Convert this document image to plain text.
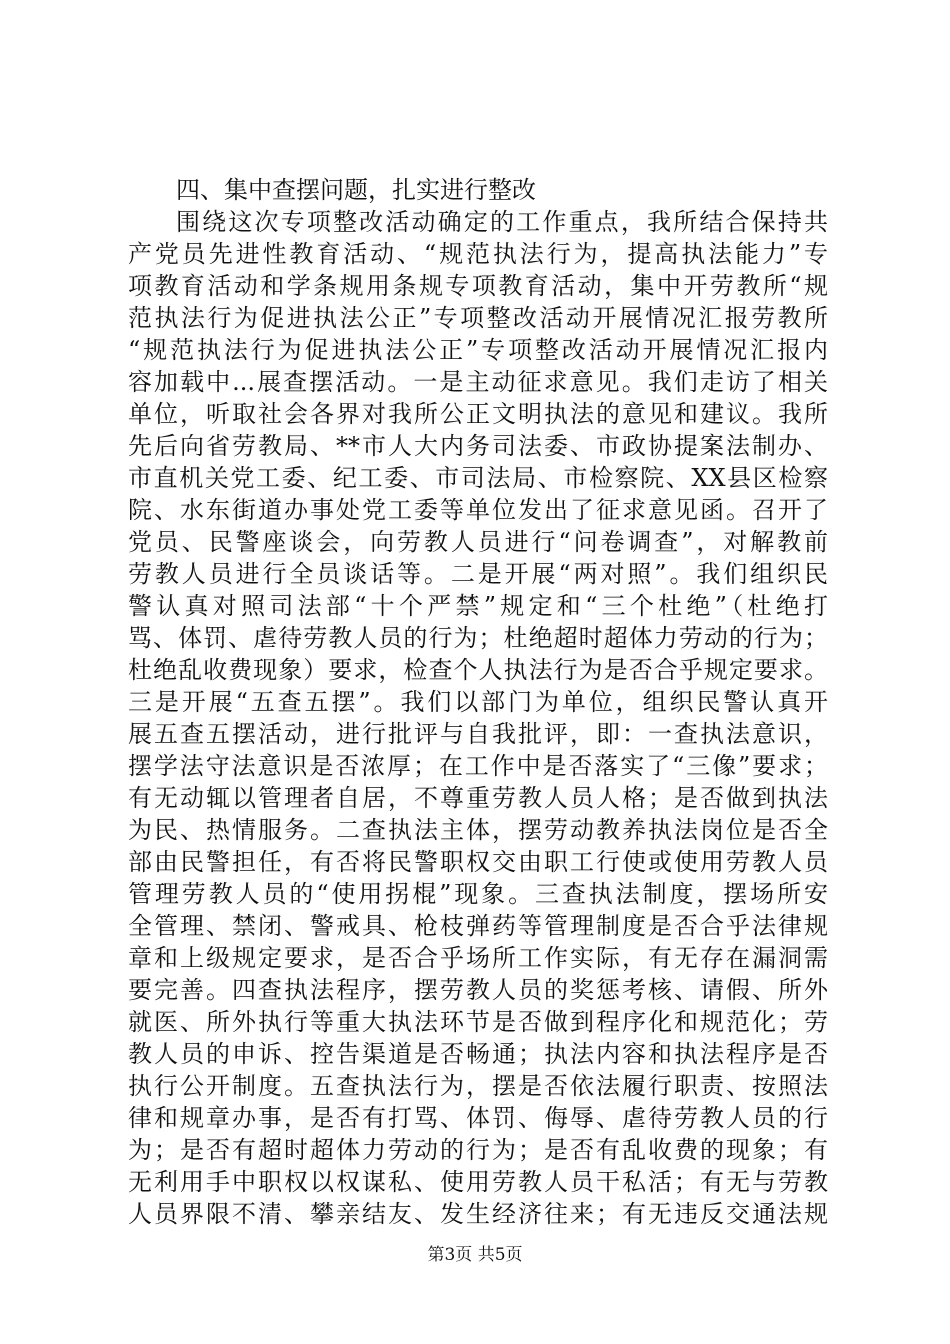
四、集中查摆问题，扎实进行整改

围绕这次专项整改活动确定的工作重点，我所结合保持共
产党员先进性教育活动、“规范执法行为，提高执法能力”专
项教育活动和学条规用条规专项教育活动，集中开劳教所“规
范执法行为促进执法公正”专项整改活动开展情况汇报劳教所
“规范执法行为促进执法公正”专项整改活动开展情况汇报内
容加载中...展查摆活动。一是主动征求意见。我们走访了相关
单位，听取社会各界对我所公正文明执法的意见和建议。我所
先后向省劳教局、**市人大内务司法委、市政协提案法制办、
市直机关党工委、纪工委、市司法局、市检察院、XX县区检察
院、水东街道办事处党工委等单位发出了征求意见函。召开了
党员、民警座谈会，向劳教人员进行“问卷调查”，对解教前
劳教人员进行全员谈话等。二是开展“两对照”。我们组织民
警认真对照司法部“十个严禁”规定和“三个杜绝”（杜绝打
骂、体罚、虐待劳教人员的行为；杜绝超时超体力劳动的行为；
杜绝乱收费现象）要求，检查个人执法行为是否合乎规定要求。
三是开展“五查五摆”。我们以部门为单位，组织民警认真开
展五查五摆活动，进行批评与自我批评，即：一查执法意识，
摆学法守法意识是否浓厚；在工作中是否落实了“三像”要求；
有无动辄以管理者自居，不尊重劳教人员人格；是否做到执法
为民、热情服务。二查执法主体，摆劳动教养执法岗位是否全
部由民警担任，有否将民警职权交由职工行使或使用劳教人员
管理劳教人员的“使用拐棍”现象。三查执法制度，摆场所安
全管理、禁闭、警戒具、枪枝弹药等管理制度是否合乎法律规
章和上级规定要求，是否合乎场所工作实际，有无存在漏洞需
要完善。四查执法程序，摆劳教人员的奖惩考核、请假、所外
就医、所外执行等重大执法环节是否做到程序化和规范化；劳
教人员的申诉、控告渠道是否畅通；执法内容和执法程序是否
执行公开制度。五查执法行为，摆是否依法履行职责、按照法
律和规章办事，是否有打骂、体罚、侮辱、虐待劳教人员的行
为；是否有超时超体力劳动的行为；是否有乱收费的现象；有
无利用手中职权以权谋私、使用劳教人员干私活；有无与劳教
人员界限不清、攀亲结友、发生经济往来；有无违反交通法规
第3页 共5页
